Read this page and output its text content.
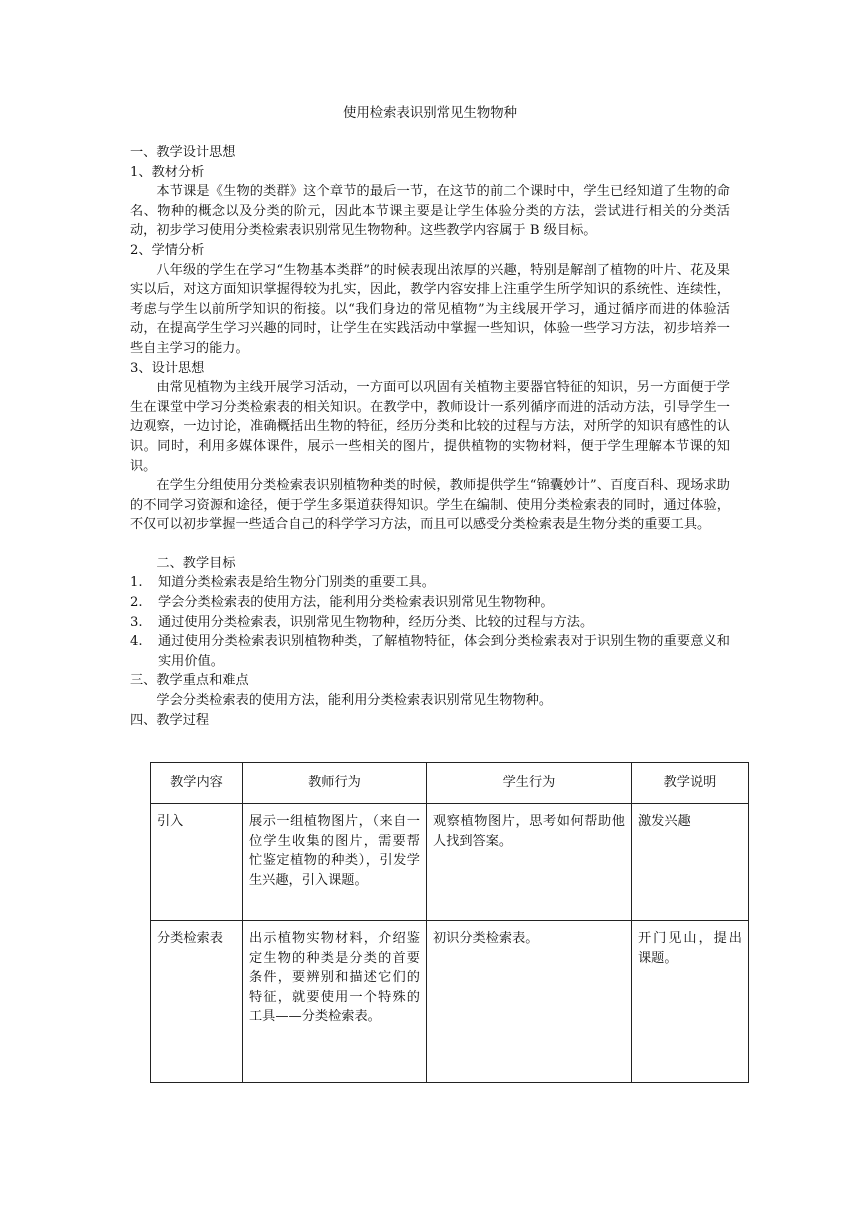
使用检索表识别常见生物物种

一、教学设计思想

1、教材分析

本节课是《生物的类群》这个章节的最后一节，在这节的前二个课时中，学生已经知道了生物的命名、物种的概念以及分类的阶元，因此本节课主要是让学生体验分类的方法，尝试进行相关的分类活动，初步学习使用分类检索表识别常见生物物种。这些教学内容属于 B 级目标。

2、学情分析

八年级的学生在学习“生物基本类群”的时候表现出浓厚的兴趣，特别是解剖了植物的叶片、花及果实以后，对这方面知识掌握得较为扎实，因此，教学内容安排上注重学生所学知识的系统性、连续性，考虑与学生以前所学知识的衔接。以“我们身边的常见植物”为主线展开学习，通过循序而进的体验活动，在提高学生学习兴趣的同时，让学生在实践活动中掌握一些知识，体验一些学习方法，初步培养一些自主学习的能力。

3、设计思想

由常见植物为主线开展学习活动，一方面可以巩固有关植物主要器官特征的知识，另一方面便于学生在课堂中学习分类检索表的相关知识。在教学中，教师设计一系列循序而进的活动方法，引导学生一边观察，一边讨论，准确概括出生物的特征，经历分类和比较的过程与方法，对所学的知识有感性的认识。同时，利用多媒体课件，展示一些相关的图片，提供植物的实物材料，便于学生理解本节课的知识。

在学生分组使用分类检索表识别植物种类的时候，教师提供学生“锦囊妙计”、百度百科、现场求助的不同学习资源和途径，便于学生多渠道获得知识。学生在编制、使用分类检索表的同时，通过体验，不仅可以初步掌握一些适合自己的科学学习方法，而且可以感受分类检索表是生物分类的重要工具。

二、教学目标

1.	知道分类检索表是给生物分门别类的重要工具。
2.	学会分类检索表的使用方法，能利用分类检索表识别常见生物物种。
3.	通过使用分类检索表，识别常见生物物种，经历分类、比较的过程与方法。
4.	通过使用分类检索表识别植物种类，了解植物特征，体会到分类检索表对于识别生物的重要意义和实用价值。

三、教学重点和难点

学会分类检索表的使用方法，能利用分类检索表识别常见生物物种。

四、教学过程

教学内容	教师行为	学生行为	教学说明
引入	展示一组植物图片，（来自一位学生收集的图片，需要帮忙鉴定植物的种类），引发学生兴趣，引入课题。	观察植物图片，思考如何帮助他人找到答案。	激发兴趣
分类检索表	出示植物实物材料，介绍鉴定生物的种类是分类的首要条件，要辨别和描述它们的特征，就要使用一个特殊的工具——分类检索表。	初识分类检索表。	开门见山，提出课题。
